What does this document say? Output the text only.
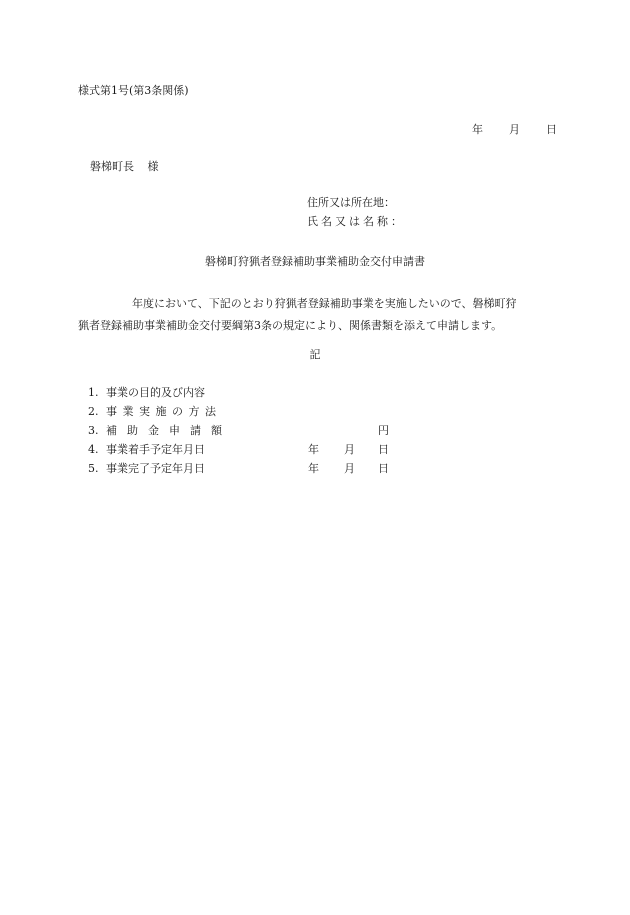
様式第1号(第3条関係)
年 月 日
磐梯町長 様
住所又は所在地：
氏名又は名称：
磐梯町狩猟者登録補助事業補助金交付申請書
年度において、下記のとおり狩猟者登録補助事業を実施したいので、磐梯町狩
猟者登録補助事業補助金交付要綱第3条の規定により、関係書類を添えて申請します。
記
1. 事業の目的及び内容
2. 事業実施の方法
3. 補助金申請額	円
4. 事業着手予定年月日	年 月 日
5. 事業完了予定年月日	年 月 日
